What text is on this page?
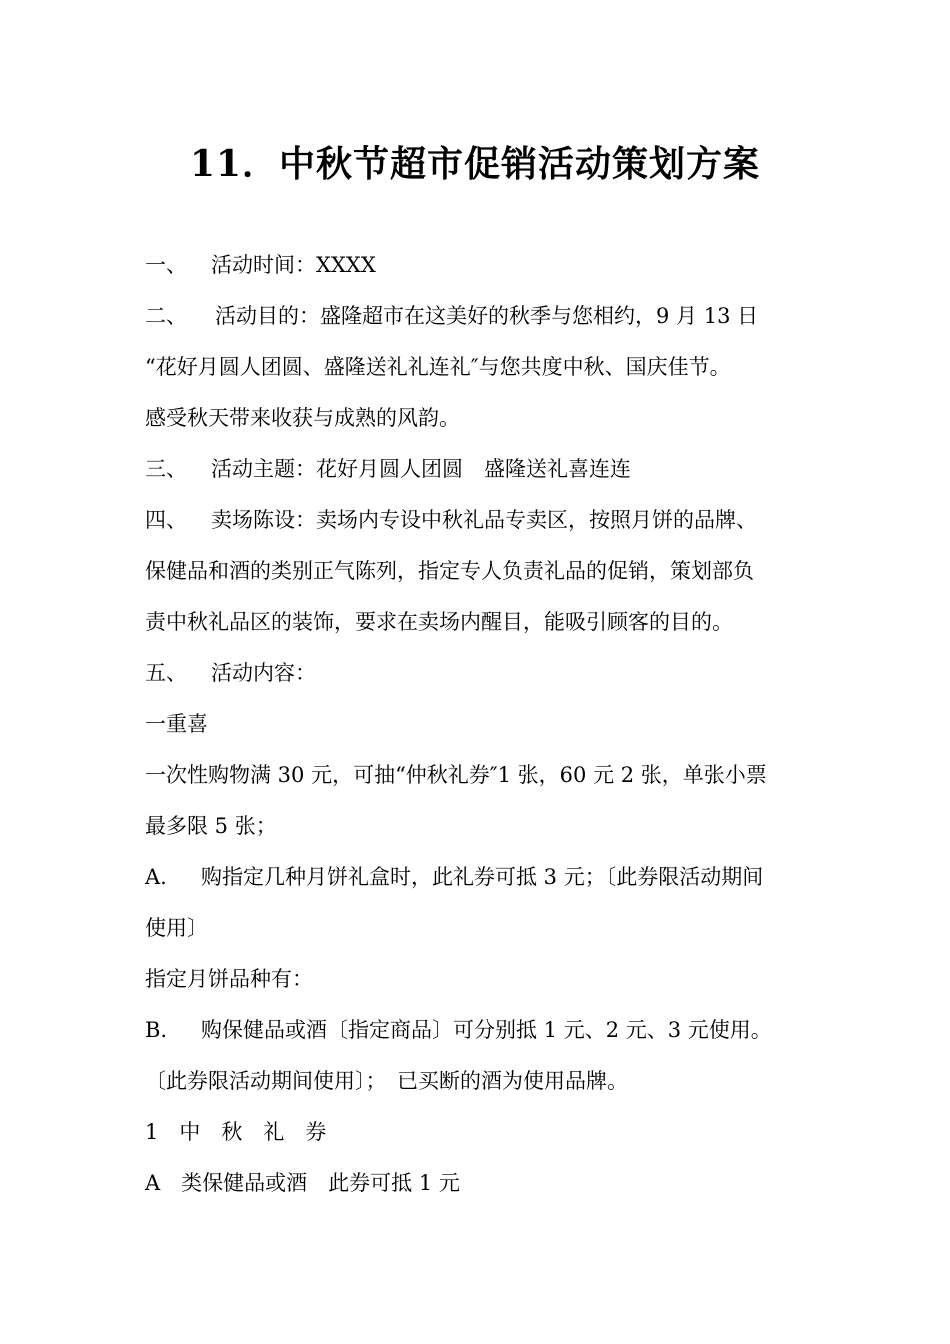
11．中秋节超市促销活动策划方案
一、 活动时间：XXXX
二、 活动目的：盛隆超市在这美好的秋季与您相约，9 月 13 日
“花好月圆人团圆、盛隆送礼礼连礼″与您共度中秋、国庆佳节。
感受秋天带来收获与成熟的风韵。
三、 活动主题：花好月圆人团圆　盛隆送礼喜连连
四、 卖场陈设：卖场内专设中秋礼品专卖区，按照月饼的品牌、
保健品和酒的类别正气陈列，指定专人负责礼品的促销，策划部负
责中秋礼品区的装饰，要求在卖场内醒目，能吸引顾客的目的。
五、 活动内容：
一重喜
一次性购物满 30 元，可抽“仲秋礼券″1 张，60 元 2 张，单张小票
最多限 5 张；
A. 购指定几种月饼礼盒时，此礼券可抵 3 元；〔此券限活动期间
使用〕
指定月饼品种有：
B. 购保健品或酒〔指定商品〕可分别抵 1 元、2 元、3 元使用。
〔此券限活动期间使用〕；　已买断的酒为使用品牌。
1　中　秋　礼　券
A　类保健品或酒　此券可抵 1 元
